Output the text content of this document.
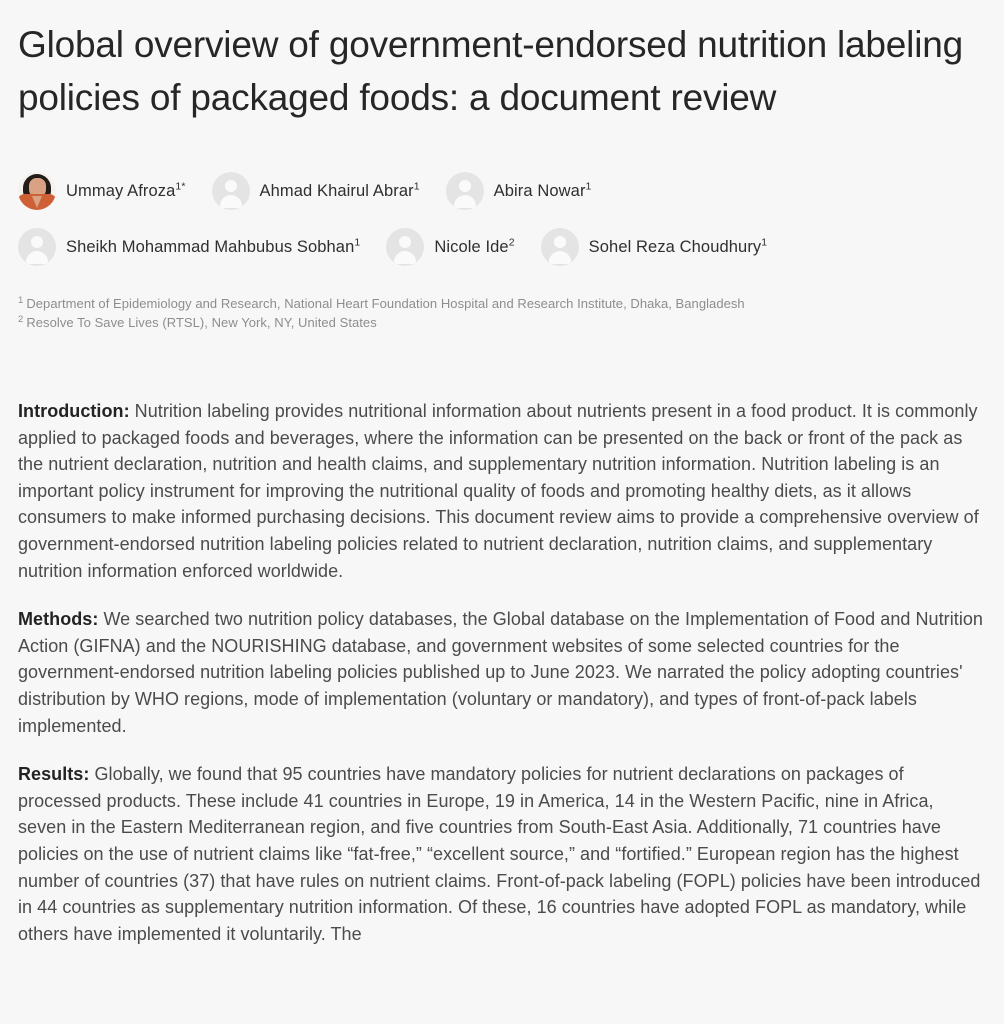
Global overview of government-endorsed nutrition labeling policies of packaged foods: a document review
Ummay Afroza$^{1*}$	Ahmad Khairul Abrar$^1$	Abira Nowar$^1$
Sheikh Mohammad Mahbubus Sobhan$^1$	Nicole Ide$^2$	Sohel Reza Choudhury$^1$
$^1$ Department of Epidemiology and Research, National Heart Foundation Hospital and Research Institute, Dhaka, Bangladesh
$^2$ Resolve To Save Lives (RTSL), New York, NY, United States

Introduction: Nutrition labeling provides nutritional information about nutrients present in a food product. It is commonly applied to packaged foods and beverages, where the information can be presented on the back or front of the pack as the nutrient declaration, nutrition and health claims, and supplementary nutrition information. Nutrition labeling is an important policy instrument for improving the nutritional quality of foods and promoting healthy diets, as it allows consumers to make informed purchasing decisions. This document review aims to provide a comprehensive overview of government-endorsed nutrition labeling policies related to nutrient declaration, nutrition claims, and supplementary nutrition information enforced worldwide.

Methods: We searched two nutrition policy databases, the Global database on the Implementation of Food and Nutrition Action (GIFNA) and the NOURISHING database, and government websites of some selected countries for the government-endorsed nutrition labeling policies published up to June 2023. We narrated the policy adopting countries' distribution by WHO regions, mode of implementation (voluntary or mandatory), and types of front-of-pack labels implemented.

Results: Globally, we found that 95 countries have mandatory policies for nutrient declarations on packages of processed products. These include 41 countries in Europe, 19 in America, 14 in the Western Pacific, nine in Africa, seven in the Eastern Mediterranean region, and five countries from South-East Asia. Additionally, 71 countries have policies on the use of nutrient claims like “fat-free,” “excellent source,” and “fortified.” European region has the highest number of countries (37) that have rules on nutrient claims. Front-of-pack labeling (FOPL) policies have been introduced in 44 countries as supplementary nutrition information. Of these, 16 countries have adopted FOPL as mandatory, while others have implemented it voluntarily. The
